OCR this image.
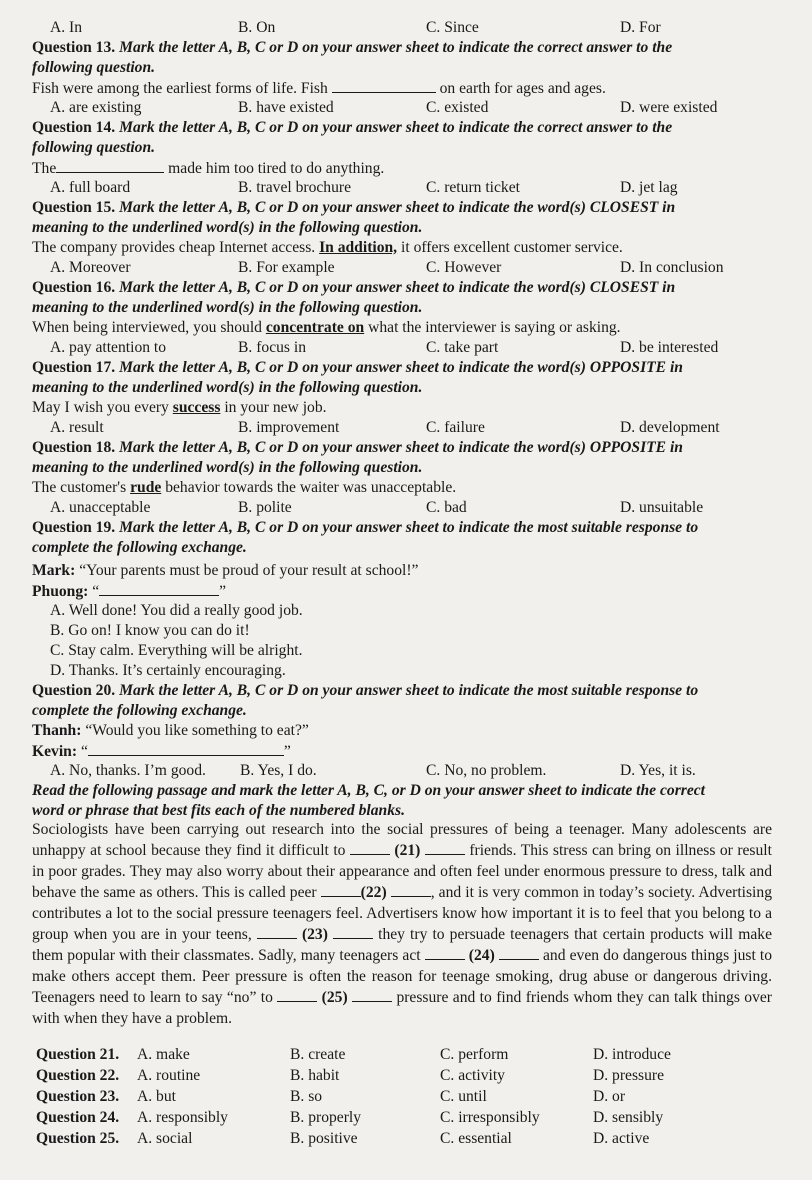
A. In	B. On	C. Since	D. For
Question 13. Mark the letter A, B, C or D on your answer sheet to indicate the correct answer to the
following question.
Fish were among the earliest forms of life. Fish	on earth for ages and ages.
A. are existing	B. have existed	C. existed	D. were existed
Question 14. Mark the letter A, B, C or D on your answer sheet to indicate the correct answer to the
following question.
The	made him too tired to do anything.
A. full board	B. travel brochure	C. return ticket	D. jet lag
Question 15. Mark the letter A, B, C or D on your answer sheet to indicate the word(s) CLOSEST in
meaning to the underlined word(s) in the following question.
The company provides cheap Internet access. In addition, it offers excellent customer service.
A. Moreover	B. For example	C. However	D. In conclusion
Question 16. Mark the letter A, B, C or D on your answer sheet to indicate the word(s) CLOSEST in
meaning to the underlined word(s) in the following question.
When being interviewed, you should concentrate on what the interviewer is saying or asking.
A. pay attention to	B. focus in	C. take part	D. be interested
Question 17. Mark the letter A, B, C or D on your answer sheet to indicate the word(s) OPPOSITE in
meaning to the underlined word(s) in the following question.
May I wish you every success in your new job.
A. result	B. improvement	C. failure	D. development
Question 18. Mark the letter A, B, C or D on your answer sheet to indicate the word(s) OPPOSITE in
meaning to the underlined word(s) in the following question.
The customer's rude behavior towards the waiter was unacceptable.
A. unacceptable	B. polite	C. bad	D. unsuitable
Question 19. Mark the letter A, B, C or D on your answer sheet to indicate the most suitable response to
complete the following exchange.
Mark: “Your parents must be proud of your result at school!”
Phuong: “	”
A. Well done! You did a really good job.
B. Go on! I know you can do it!
C. Stay calm. Everything will be alright.
D. Thanks. It’s certainly encouraging.
Question 20. Mark the letter A, B, C or D on your answer sheet to indicate the most suitable response to
complete the following exchange.
Thanh: “Would you like something to eat?”
Kevin: “	”
A. No, thanks. I’m good. B. Yes, I do.	C. No, no problem.	D. Yes, it is.
Read the following passage and mark the letter A, B, C, or D on your answer sheet to indicate the correct
word or phrase that best fits each of the numbered blanks.
Sociologists have been carrying out research into the social pressures of being a teenager. Many adolescents are unhappy at school because they find it difficult to	(21)	friends. This stress can bring on illness or result in poor grades. They may also worry about their appearance and often feel under enormous pressure to dress, talk and behave the same as others. This is called peer	(22)	, and it is very common in today’s society. Advertising contributes a lot to the social pressure teenagers feel. Advertisers know how important it is to feel that you belong to a group when you are in your teens,	(23)	they try to persuade teenagers that certain products will make them popular with their classmates. Sadly, many teenagers act	(24)	and even do dangerous things just to make others accept them. Peer pressure is often the reason for teenage smoking, drug abuse or dangerous driving. Teenagers need to learn to say “no” to	(25)	pressure and to find friends whom they can talk things over with when they have a problem.
Question 21. A. make	B. create	C. perform	D. introduce
Question 22. A. routine	B. habit	C. activity	D. pressure
Question 23. A. but	B. so	C. until	D. or
Question 24. A. responsibly	B. properly	C. irresponsibly	D. sensibly
Question 25. A. social	B. positive	C. essential	D. active
